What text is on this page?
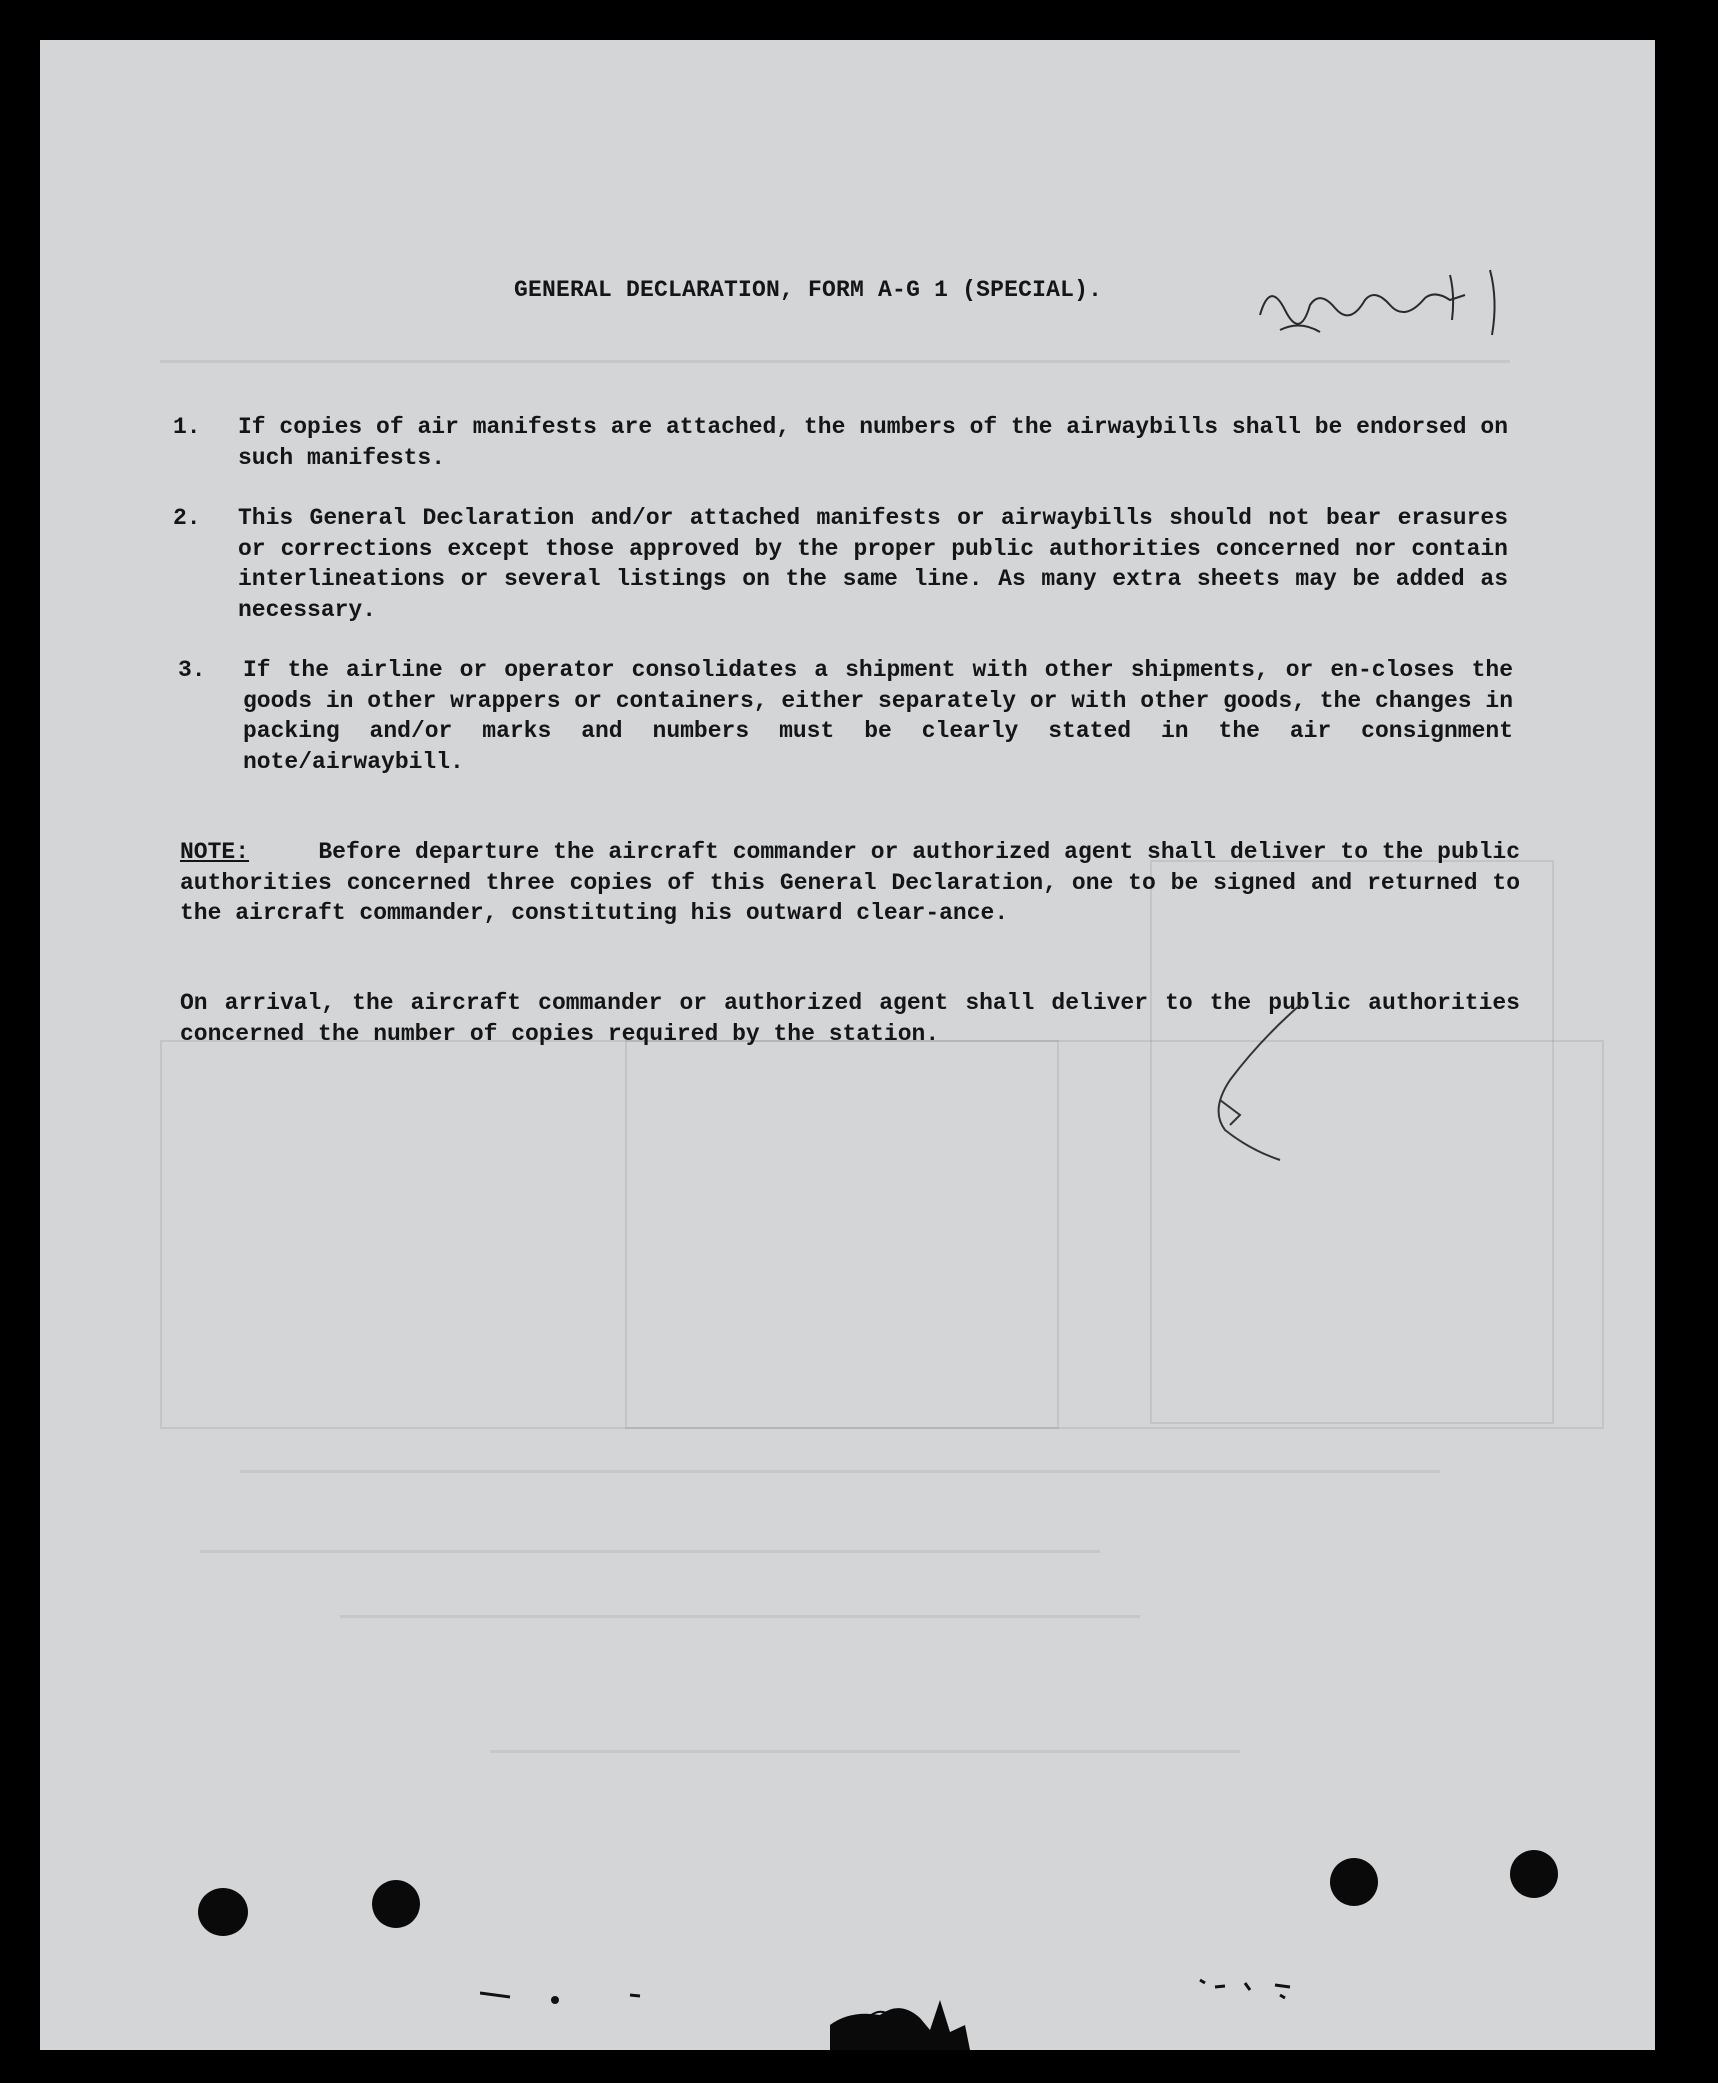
GENERAL DECLARATION, FORM A-G 1 (SPECIAL).
1.	If copies of air manifests are attached, the numbers of the airwaybills shall be endorsed on such manifests.
2.	This General Declaration and/or attached manifests or airwaybills should not bear erasures or corrections except those approved by the proper public authorities concerned nor contain interlineations or several listings on the same line. As many extra sheets may be added as necessary.
3.	If the airline or operator consolidates a shipment with other shipments, or en-closes the goods in other wrappers or containers, either separately or with other goods, the changes in packing and/or marks and numbers must be clearly stated in the air consignment note/airwaybill.
NOTE:	Before departure the aircraft commander or authorized agent shall deliver to the public authorities concerned three copies of this General Declaration, one to be signed and returned to the aircraft commander, constituting his outward clear-ance.
On arrival, the aircraft commander or authorized agent shall deliver to the public authorities concerned the number of copies required by the station.
